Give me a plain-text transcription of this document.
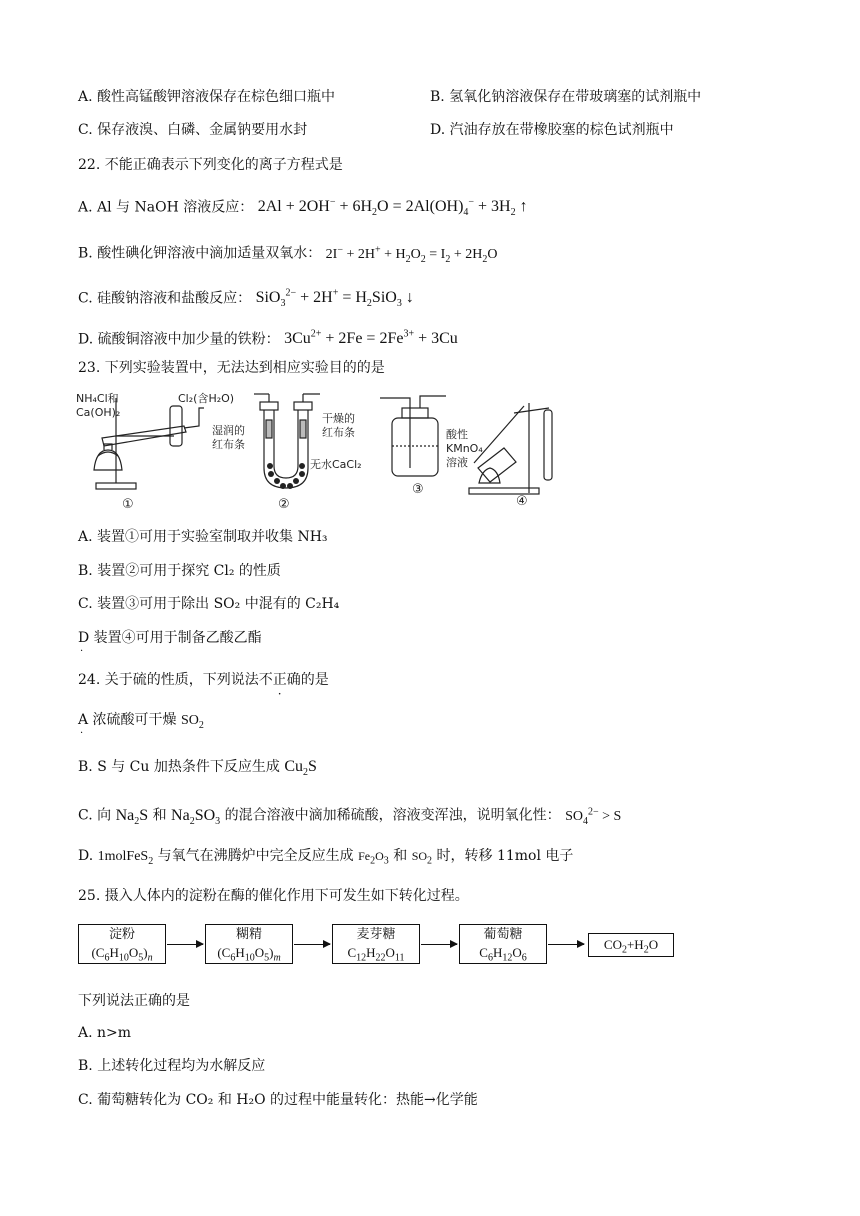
A. 酸性高锰酸钾溶液保存在棕色细口瓶中	B. 氢氧化钠溶液保存在带玻璃塞的试剂瓶中
C. 保存液溴、白磷、金属钠要用水封	D. 汽油存放在带橡胶塞的棕色试剂瓶中
22. 不能正确表示下列变化的离子方程式是
A. Al 与 NaOH 溶液反应： $2Al + 2OH^- + 6H_2O = 2Al(OH)_4^- + 3H_2$ ↑
B. 酸性碘化钾溶液中滴加适量双氧水： $2I^- + 2H^+ + H_2O_2 = I_2 + 2H_2O$
C. 硅酸钠溶液和盐酸反应： $SiO_3^{2-} + 2H^+ = H_2SiO_3$ ↓
D. 硫酸铜溶液中加少量的铁粉： $3Cu^{2+} + 2Fe = 2Fe^{3+} + 3Cu$
23. 下列实验装置中，无法达到相应实验目的的是
NH₄Cl和
Ca(OH)₂
Cl₂(含H₂O)
湿润的
红布条
干燥的
红布条
无水CaCl₂
酸性
KMnO₄
溶液
①	②
③
④
A. 装置①可用于实验室制取并收集 NH₃
B. 装置②可用于探究 Cl₂ 的性质
C. 装置③可用于除出 SO₂ 中混有的 C₂H₄
D 装置④可用于制备乙酸乙酯
·
24. 关于硫的性质，下列说法不正确的是
A 浓硫酸可干燥 $SO_2$
·
B. S 与 Cu 加热条件下反应生成 $Cu_2S$
C. 向 $Na_2S$ 和 $Na_2SO_3$ 的混合溶液中滴加稀硫酸，溶液变浑浊，说明氧化性： $SO_4^{2-} > S$
D. 1molFeS$_2$ 与氧气在沸腾炉中完全反应生成 $Fe_2O_3$ 和 $SO_2$ 时，转移 11mol 电子
25. 摄入人体内的淀粉在酶的催化作用下可发生如下转化过程。
淀粉
$(C_6H_{10}O_5)_n$
糊精
$(C_6H_{10}O_5)_m$
麦芽糖
$C_{12}H_{22}O_{11}$
葡萄糖
$C_6H_{12}O_6$
$CO_2+H_2O$
下列说法正确的是
A. n>m
B. 上述转化过程均为水解反应
C. 葡萄糖转化为 CO₂ 和 H₂O 的过程中能量转化：热能→化学能
